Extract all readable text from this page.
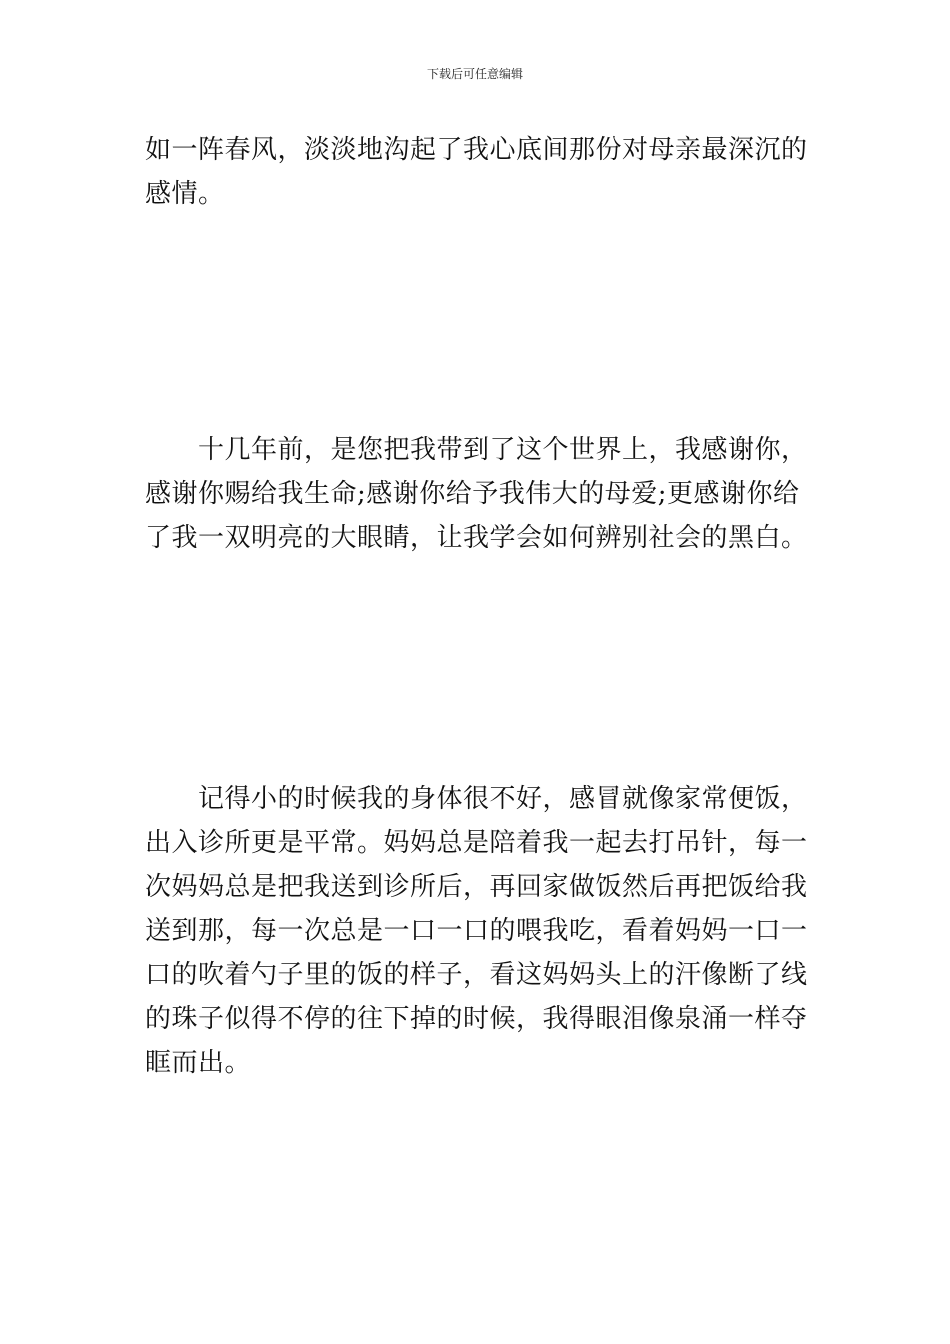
下载后可任意编辑

如一阵春风，淡淡地沟起了我心底间那份对母亲最深沉的感情。

十几年前，是您把我带到了这个世界上，我感谢你，感谢你赐给我生命;感谢你给予我伟大的母爱;更感谢你给了我一双明亮的大眼睛，让我学会如何辨别社会的黑白。

记得小的时候我的身体很不好，感冒就像家常便饭，出入诊所更是平常。妈妈总是陪着我一起去打吊针，每一次妈妈总是把我送到诊所后，再回家做饭然后再把饭给我送到那，每一次总是一口一口的喂我吃，看着妈妈一口一口的吹着勺子里的饭的样子，看这妈妈头上的汗像断了线的珠子似得不停的往下掉的时候，我得眼泪像泉涌一样夺眶而出。
